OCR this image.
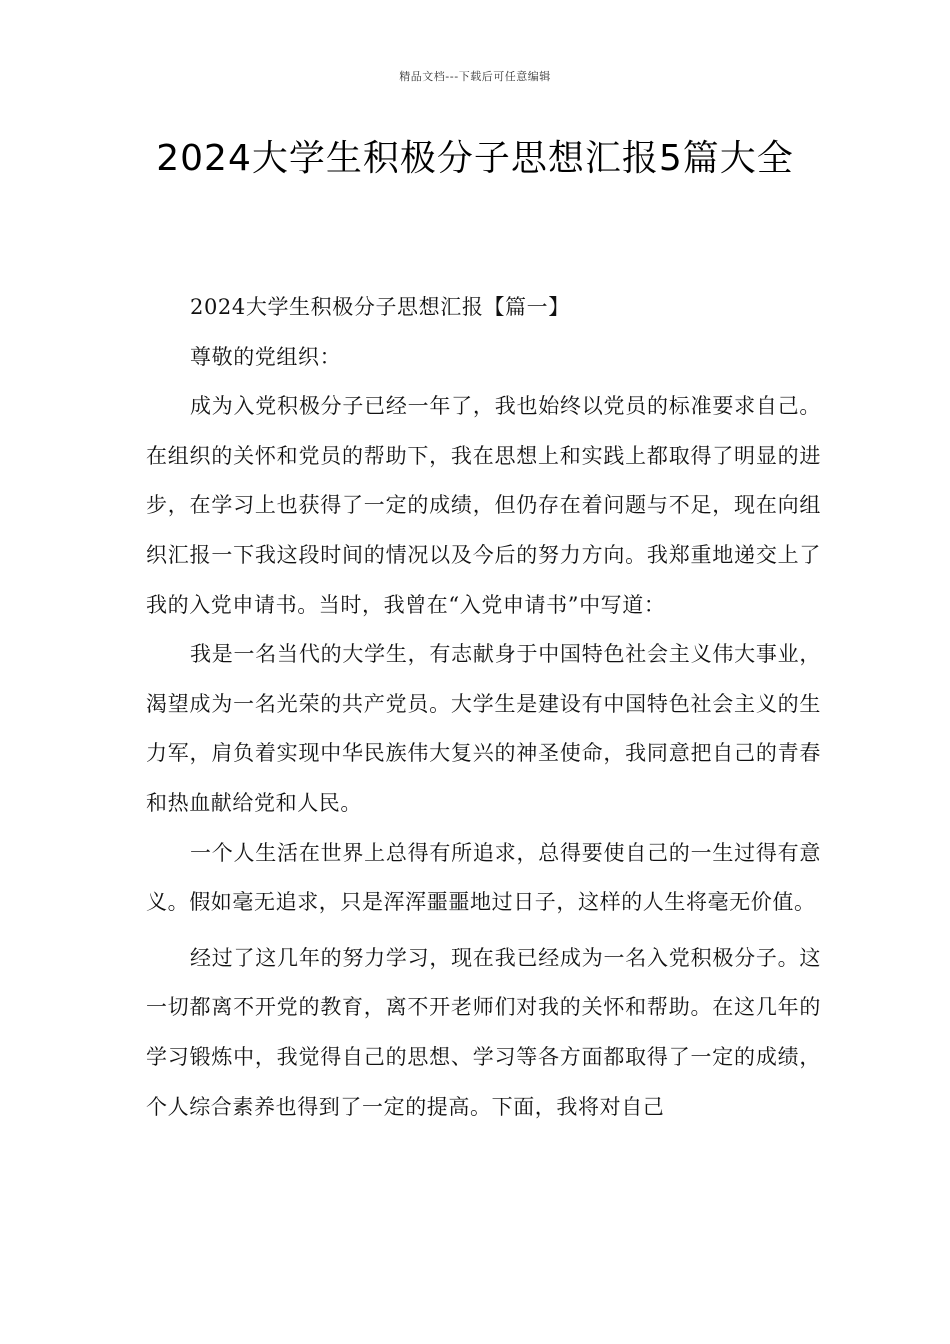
精品文档---下载后可任意编辑
2024大学生积极分子思想汇报5篇大全

2024大学生积极分子思想汇报【篇一】

尊敬的党组织：

成为入党积极分子已经一年了，我也始终以党员的标准要求自己。在组织的关怀和党员的帮助下，我在思想上和实践上都取得了明显的进步，在学习上也获得了一定的成绩，但仍存在着问题与不足，现在向组织汇报一下我这段时间的情况以及今后的努力方向。我郑重地递交上了我的入党申请书。当时，我曾在“入党申请书”中写道：

我是一名当代的大学生，有志献身于中国特色社会主义伟大事业，渴望成为一名光荣的共产党员。大学生是建设有中国特色社会主义的生力军，肩负着实现中华民族伟大复兴的神圣使命，我同意把自己的青春和热血献给党和人民。

一个人生活在世界上总得有所追求，总得要使自己的一生过得有意义。假如毫无追求，只是浑浑噩噩地过日子，这样的人生将毫无价值。

经过了这几年的努力学习，现在我已经成为一名入党积极分子。这一切都离不开党的教育，离不开老师们对我的关怀和帮助。在这几年的学习锻炼中，我觉得自己的思想、学习等各方面都取得了一定的成绩，个人综合素养也得到了一定的提高。下面，我将对自己
